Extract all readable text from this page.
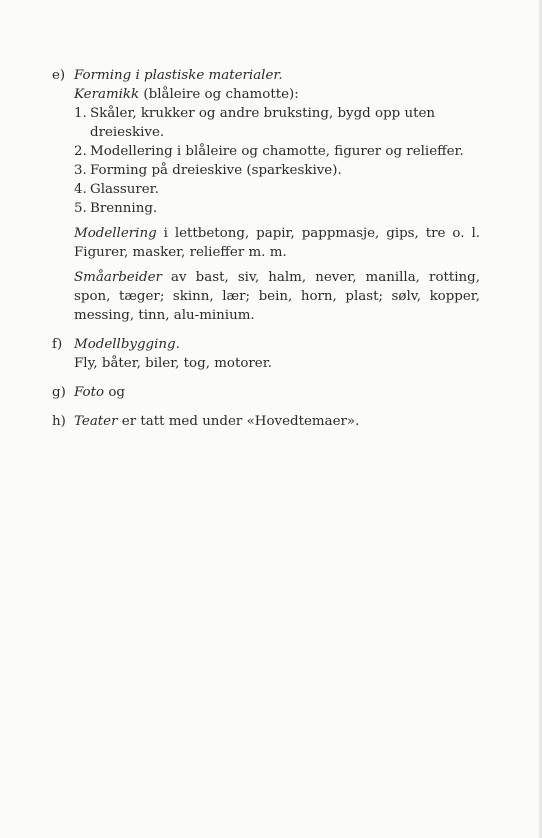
e) Forming i plastiske materialer.

Keramikk (blåleire og chamotte):

1. Skåler, krukker og andre bruksting, bygd opp uten dreieskive.
2. Modellering i blåleire og chamotte, figurer og relieffer.
3. Forming på dreieskive (sparkeskive).
4. Glassurer.
5. Brenning.

Modellering i lettbetong, papir, pappmasje, gips, tre o. l. Figurer, masker, relieffer m. m.

Småarbeider av bast, siv, halm, never, manilla, rotting, spon, tæger; skinn, lær; bein, horn, plast; sølv, kopper, messing, tinn, alu-minium.

f) Modellbygging.

Fly, båter, biler, tog, motorer.

g) Foto og

h) Teater er tatt med under «Hovedtemaer».
